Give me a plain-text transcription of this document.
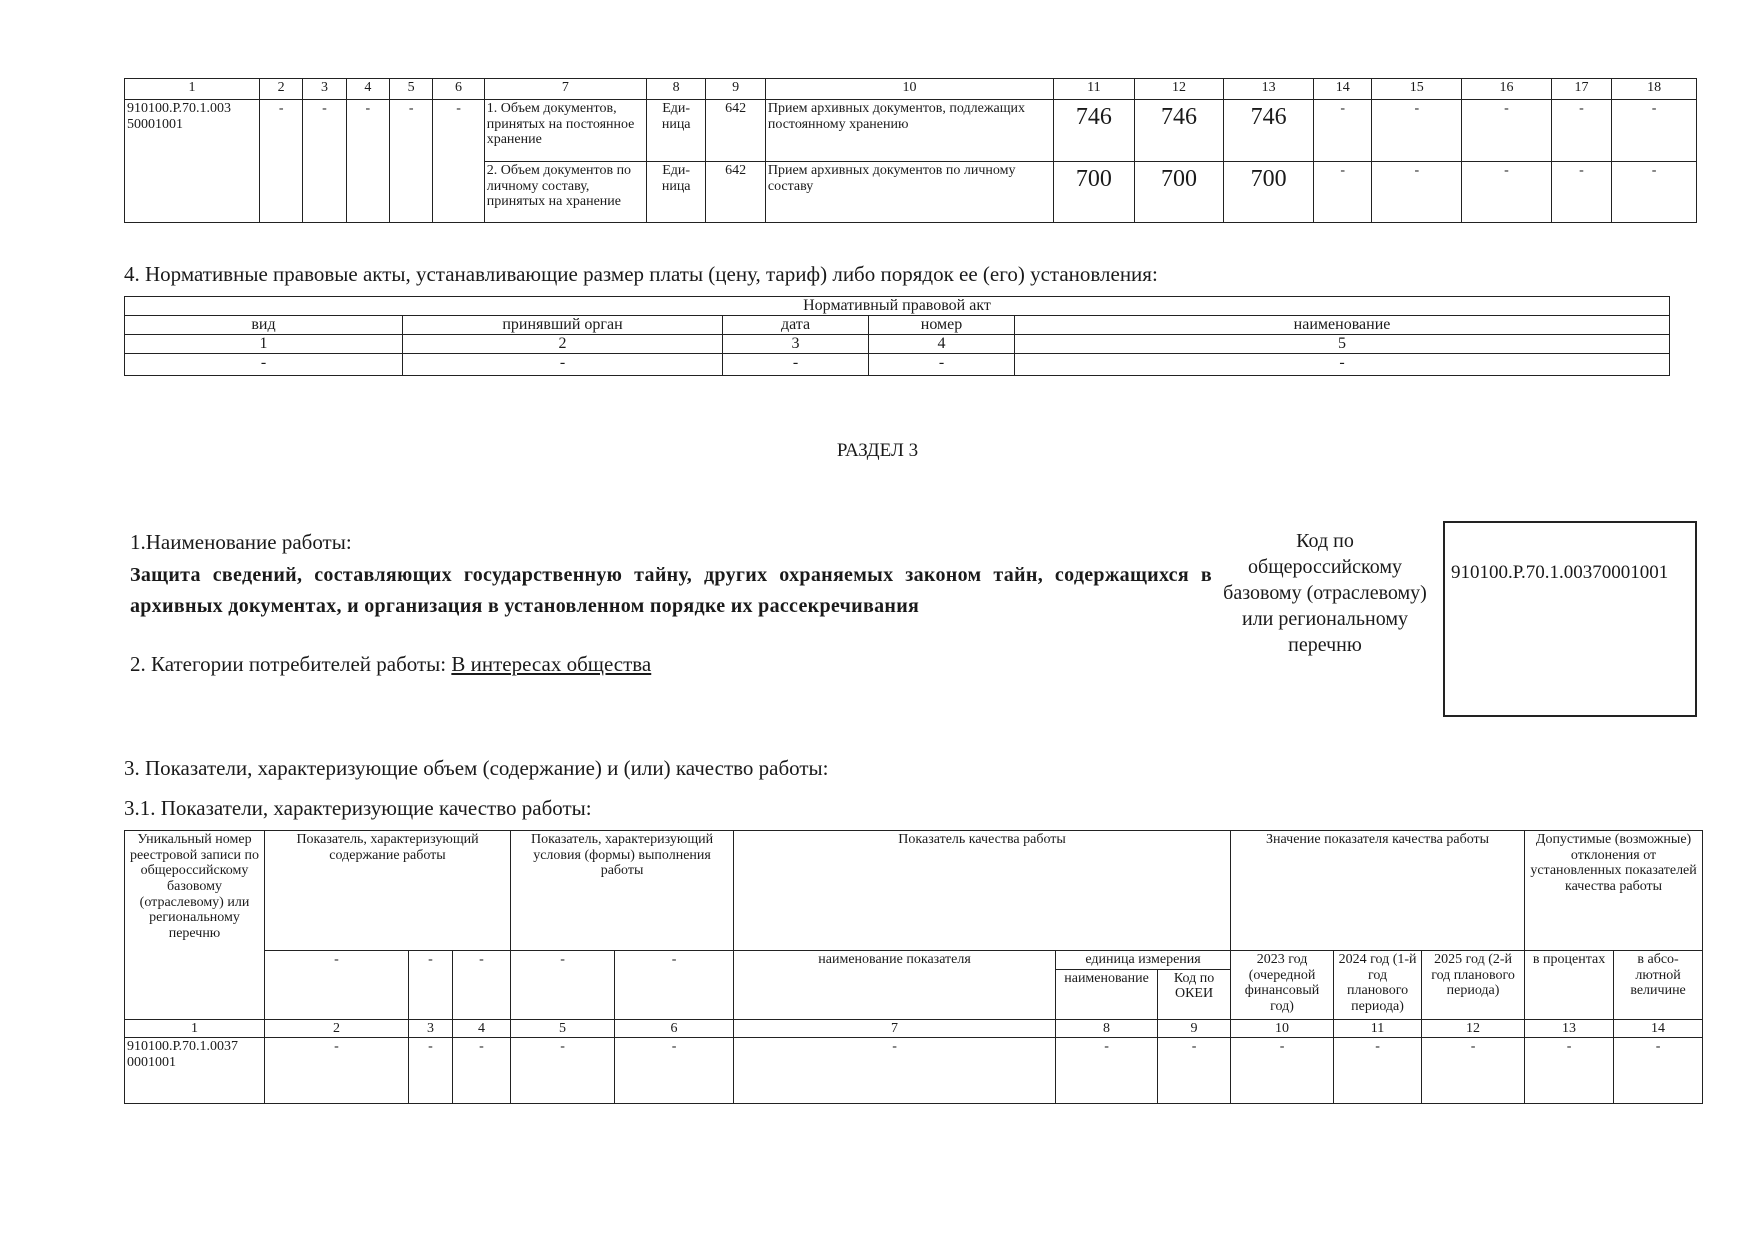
1	2	3	4	5	6	7	8	9	10	11	12	13	14	15	16	17	18
910100.Р.70.1.003 50001001	-	-	-	-	-	1. Объем документов, принятых на постоянное хранение	Еди-ница	642	Прием архивных документов, подлежащих постоянному хранению	746	746	746	-	-	-	-	-
						2. Объем документов по личному составу, принятых на хранение	Еди-ница	642	Прием архивных документов по личному составу	700	700	700	-	-	-	-	-
4. Нормативные правовые акты, устанавливающие размер платы (цену, тариф) либо порядок ее (его) установления:
Нормативный правовой акт				
вид	принявший орган	дата	номер	наименование
1	2	3	4	5
-	-	-	-	-
РАЗДЕЛ 3
1.Наименование работы:
Защита сведений, составляющих государственную тайну, других охраняемых законом тайн, содержащихся в архивных документах, и организация в установленном порядке их рассекречивания
2. Категории потребителей работы: В интересах общества
Код по общероссийскому базовому (отраслевому) или региональному перечню
910100.Р.70.1.00370001001
3. Показатели, характеризующие объем (содержание) и (или) качество работы:
3.1. Показатели, характеризующие качество работы:
Уникальный номер реестровой записи по общероссийскому базовому (отраслевому) или региональному перечню	Показатель, характеризующий содержание работы			Показатель, характеризующий условия (формы) выполнения работы		Показатель качества работы			Значение показателя качества работы			Допустимые (возможные) отклонения от установленных показателей качества работы	
	-	-	-	-	-	наименование показателя	единица измерения		2023 год (очередной финансовый год)	2024 год (1-й год планового периода)	2025 год (2-й год планового периода)	в процентах	в абсо-лютной величине
							наименование	Код по ОКЕИ					
1	2	3	4	5	6	7	8	9	10	11	12	13	14
910100.Р.70.1.0037 0001001	-	-	-	-	-	-	-	-	-	-	-	-	-
